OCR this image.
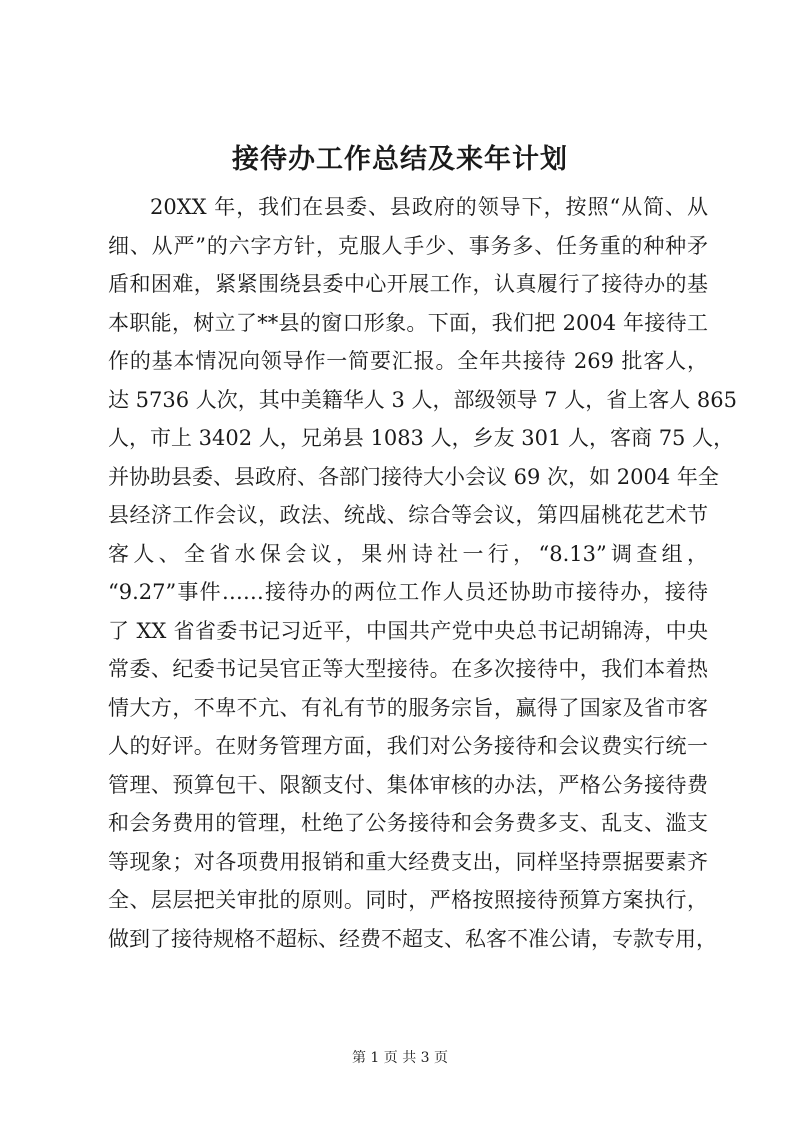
接待办工作总结及来年计划
20XX 年，我们在县委、县政府的领导下，按照“从简、从
细、从严”的六字方针，克服人手少、事务多、任务重的种种矛
盾和困难，紧紧围绕县委中心开展工作，认真履行了接待办的基
本职能，树立了**县的窗口形象。下面，我们把 2004 年接待工
作的基本情况向领导作一简要汇报。全年共接待 269 批客人，
达 5736 人次，其中美籍华人 3 人，部级领导 7 人，省上客人 865
人，市上 3402 人，兄弟县 1083 人，乡友 301 人，客商 75 人，
并协助县委、县政府、各部门接待大小会议 69 次，如 2004 年全
县经济工作会议，政法、统战、综合等会议，第四届桃花艺术节
客人、全省水保会议，果州诗社一行，“8.13”调查组，
“9.27”事件……接待办的两位工作人员还协助市接待办，接待
了 XX 省省委书记习近平，中国共产党中央总书记胡锦涛，中央
常委、纪委书记吴官正等大型接待。在多次接待中，我们本着热
情大方，不卑不亢、有礼有节的服务宗旨，赢得了国家及省市客
人的好评。在财务管理方面，我们对公务接待和会议费实行统一
管理、预算包干、限额支付、集体审核的办法，严格公务接待费
和会务费用的管理，杜绝了公务接待和会务费多支、乱支、滥支
等现象；对各项费用报销和重大经费支出，同样坚持票据要素齐
全、层层把关审批的原则。同时，严格按照接待预算方案执行，
做到了接待规格不超标、经费不超支、私客不准公请，专款专用，
第 1 页 共 3 页
